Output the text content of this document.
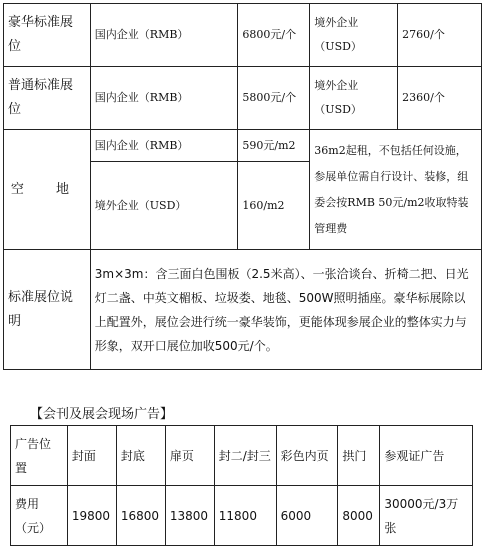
豪华标准展位	国内企业（RMB）	6800元/个	境外企业（USD）	2760/个
普通标准展位	国内企业（RMB）	5800元/个	境外企业（USD）	2360/个
空 地	国内企业（RMB）	590元/m2	36m2起租，不包括任何设施，参展单位需自行设计、装修，组委会按RMB 50元/m2收取特装管理费	
	境外企业（USD）	160/m2		
标准展位说明	3m×3m：含三面白色围板（2.5米高）、一张洽谈台、折椅二把、日光灯二盏、中英文楣板、垃圾娄、地毯、500W照明插座。豪华标展除以上配置外，展位会进行统一豪华装饰，更能体现参展企业的整体实力与形象，双开口展位加收500元/个。			
【会刊及展会现场广告】
广告位置	封面	封底	扉页	封二/封三	彩色内页	拱门	参观证广告
费用（元）	19800	16800	13800	11800	6000	8000	30000元/3万张
